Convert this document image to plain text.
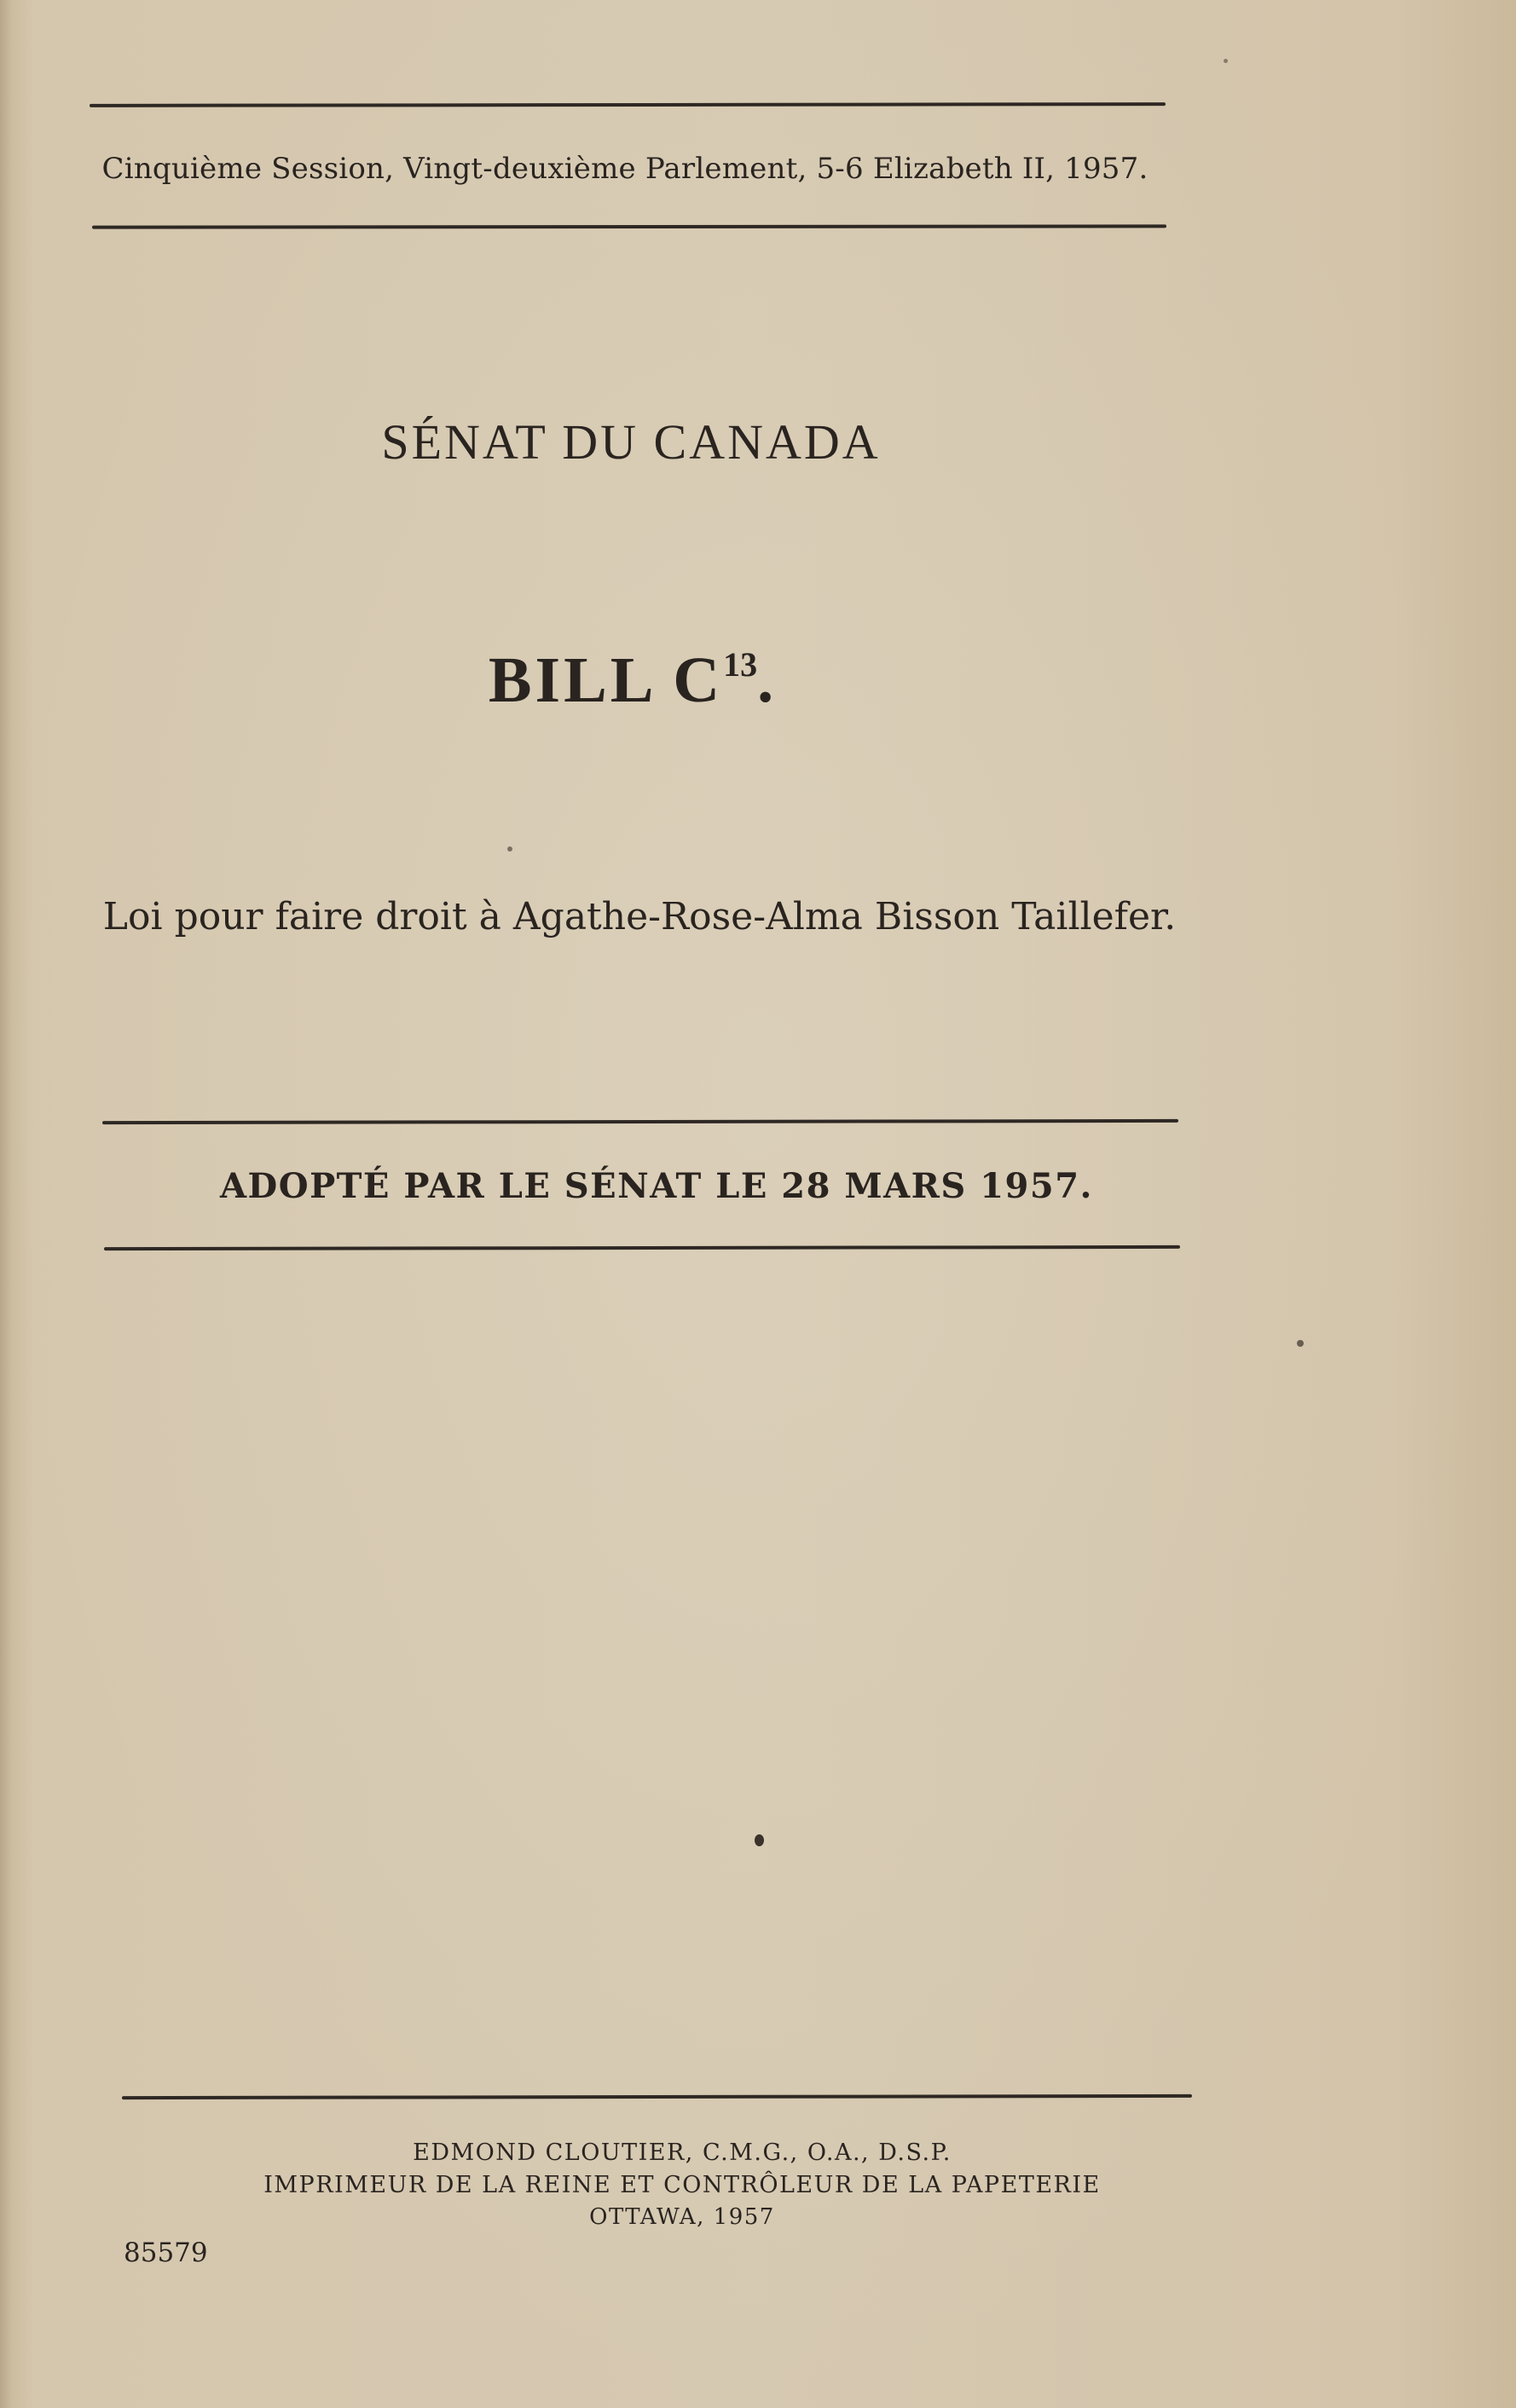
Cinquième Session, Vingt-deuxième Parlement, 5-6 Elizabeth II, 1957.
SÉNAT DU CANADA
BILL $C^{13}$.
Loi pour faire droit à Agathe-Rose-Alma Bisson Taillefer.
ADOPTÉ PAR LE SÉNAT LE 28 MARS 1957.
EDMOND CLOUTIER, C.M.G., O.A., D.S.P.
IMPRIMEUR DE LA REINE ET CONTRÔLEUR DE LA PAPETERIE
OTTAWA, 1957
85579
